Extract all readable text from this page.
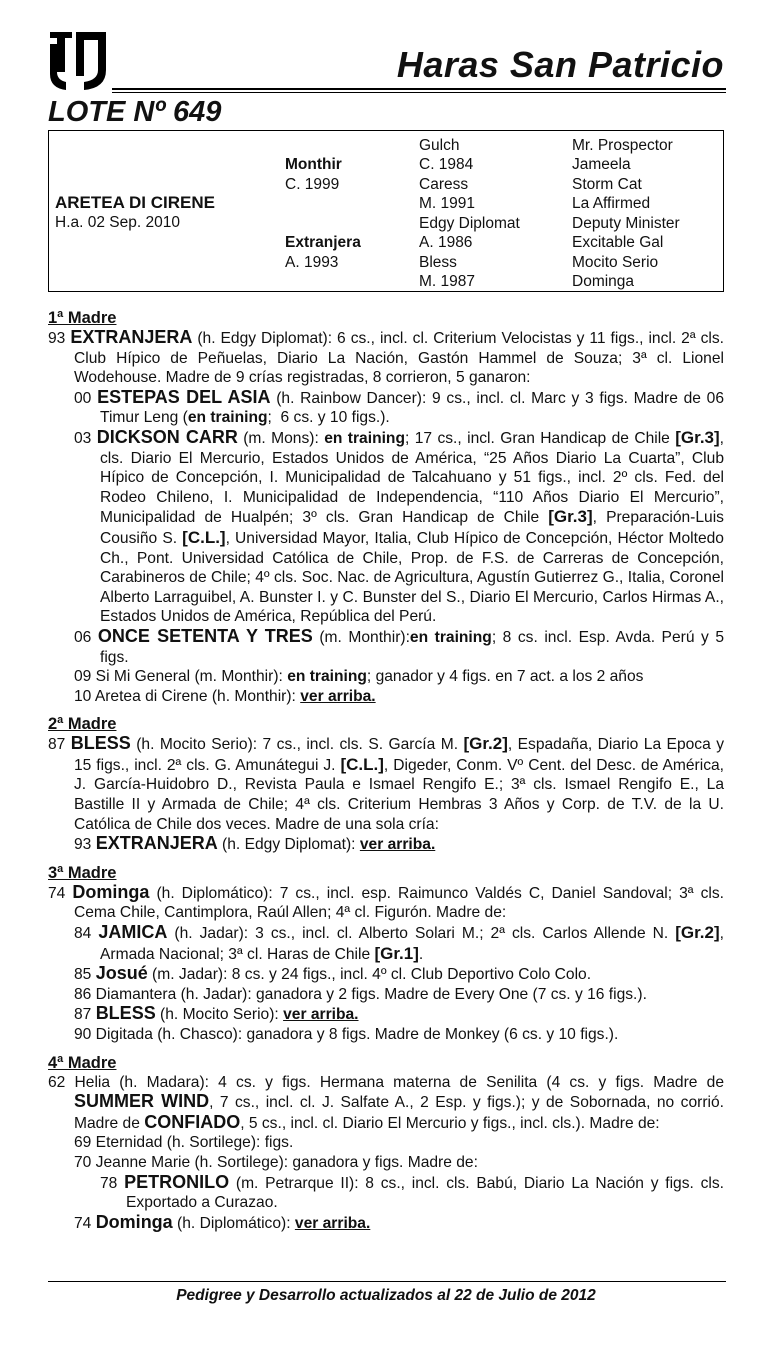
Haras San Patricio
LOTE Nº 649
ARETEA DI CIRENE
H.a. 02 Sep. 2010
Monthir
C. 1999
Extranjera
A. 1993
Gulch
C. 1984
Caress
M. 1991
Edgy Diplomat
A. 1986
Bless
M. 1987
Mr. Prospector
Jameela
Storm Cat
La Affirmed
Deputy Minister
Excitable Gal
Mocito Serio
Dominga
1ª Madre
93 EXTRANJERA (h. Edgy Diplomat): 6 cs., incl. cl. Criterium Velocistas y 11 figs., incl. 2ª cls. Club Hípico de Peñuelas, Diario La Nación, Gastón Hammel de Souza; 3ª cl. Lionel Wodehouse. Madre de 9 crías registradas, 8 corrieron, 5 ganaron:
00 ESTEPAS DEL ASIA (h. Rainbow Dancer): 9 cs., incl. cl. Marc y 3 figs. Madre de 06 Timur Leng (en training;  6 cs. y 10 figs.).
03 DICKSON CARR (m. Mons): en training; 17 cs., incl. Gran Handicap de Chile [Gr.3], cls. Diario El Mercurio, Estados Unidos de América, “25 Años Diario La Cuarta”, Club Hípico de Concepción, I. Municipalidad de Talcahuano y 51 figs., incl. 2º cls. Fed. del Rodeo Chileno, I. Municipalidad de Independencia, “110 Años Diario El Mercurio”, Municipalidad de Hualpén; 3º cls. Gran Handicap de Chile [Gr.3], Preparación-Luis Cousiño S. [C.L.], Universidad Mayor, Italia, Club Hípico de Concepción, Héctor Moltedo Ch., Pont. Universidad Católica de Chile, Prop. de F.S. de Carreras de Concepción, Carabineros de Chile; 4º cls. Soc. Nac. de Agricultura, Agustín Gutierrez G., Italia, Coronel Alberto Larraguibel, A. Bunster I. y C. Bunster del S., Diario El Mercurio, Carlos Hirmas A., Estados Unidos de América, República del Perú.
06 ONCE SETENTA Y TRES (m. Monthir):en training; 8 cs. incl. Esp. Avda. Perú y 5 figs.
09 Si Mi General (m. Monthir): en training; ganador y 4 figs. en 7 act. a los 2 años
10 Aretea di Cirene (h. Monthir): ver arriba.
2ª Madre
87 BLESS (h. Mocito Serio): 7 cs., incl. cls. S. García M. [Gr.2], Espadaña, Diario La Epoca y 15 figs., incl. 2ª cls. G. Amunátegui J. [C.L.], Digeder, Conm. Vº Cent. del Desc. de América, J. García-Huidobro D., Revista Paula e Ismael Rengifo E.; 3ª cls. Ismael Rengifo E., La Bastille II y Armada de Chile; 4ª cls. Criterium Hembras 3 Años y Corp. de T.V. de la U. Católica de Chile dos veces. Madre de una sola cría:
93 EXTRANJERA (h. Edgy Diplomat): ver arriba.
3ª Madre
74 Dominga (h. Diplomático): 7 cs., incl. esp. Raimunco Valdés C, Daniel Sandoval; 3ª cls. Cema Chile, Cantimplora, Raúl Allen; 4ª cl. Figurón. Madre de:
84 JAMICA (h. Jadar): 3 cs., incl. cl. Alberto Solari M.; 2ª cls. Carlos Allende N. [Gr.2], Armada Nacional; 3ª cl. Haras de Chile [Gr.1].
85 Josué (m. Jadar): 8 cs. y 24 figs., incl. 4º cl. Club Deportivo Colo Colo.
86 Diamantera (h. Jadar): ganadora y 2 figs. Madre de Every One (7 cs. y 16 figs.).
87 BLESS (h. Mocito Serio): ver arriba.
90 Digitada (h. Chasco): ganadora y 8 figs. Madre de Monkey (6 cs. y 10 figs.).
4ª Madre
62 Helia (h. Madara): 4 cs. y figs. Hermana materna de Senilita (4 cs. y figs. Madre de SUMMER WIND, 7 cs., incl. cl. J. Salfate A., 2 Esp. y figs.); y de Sobornada, no corrió. Madre de CONFIADO, 5 cs., incl. cl. Diario El Mercurio y figs., incl. cls.). Madre de:
69 Eternidad (h. Sortilege): figs.
70 Jeanne Marie (h. Sortilege): ganadora y figs. Madre de:
78 PETRONILO (m. Petrarque II): 8 cs., incl. cls. Babú, Diario La Nación y figs. cls. Exportado a Curazao.
74 Dominga (h. Diplomático): ver arriba.
Pedigree y Desarrollo actualizados al 22 de Julio de 2012
